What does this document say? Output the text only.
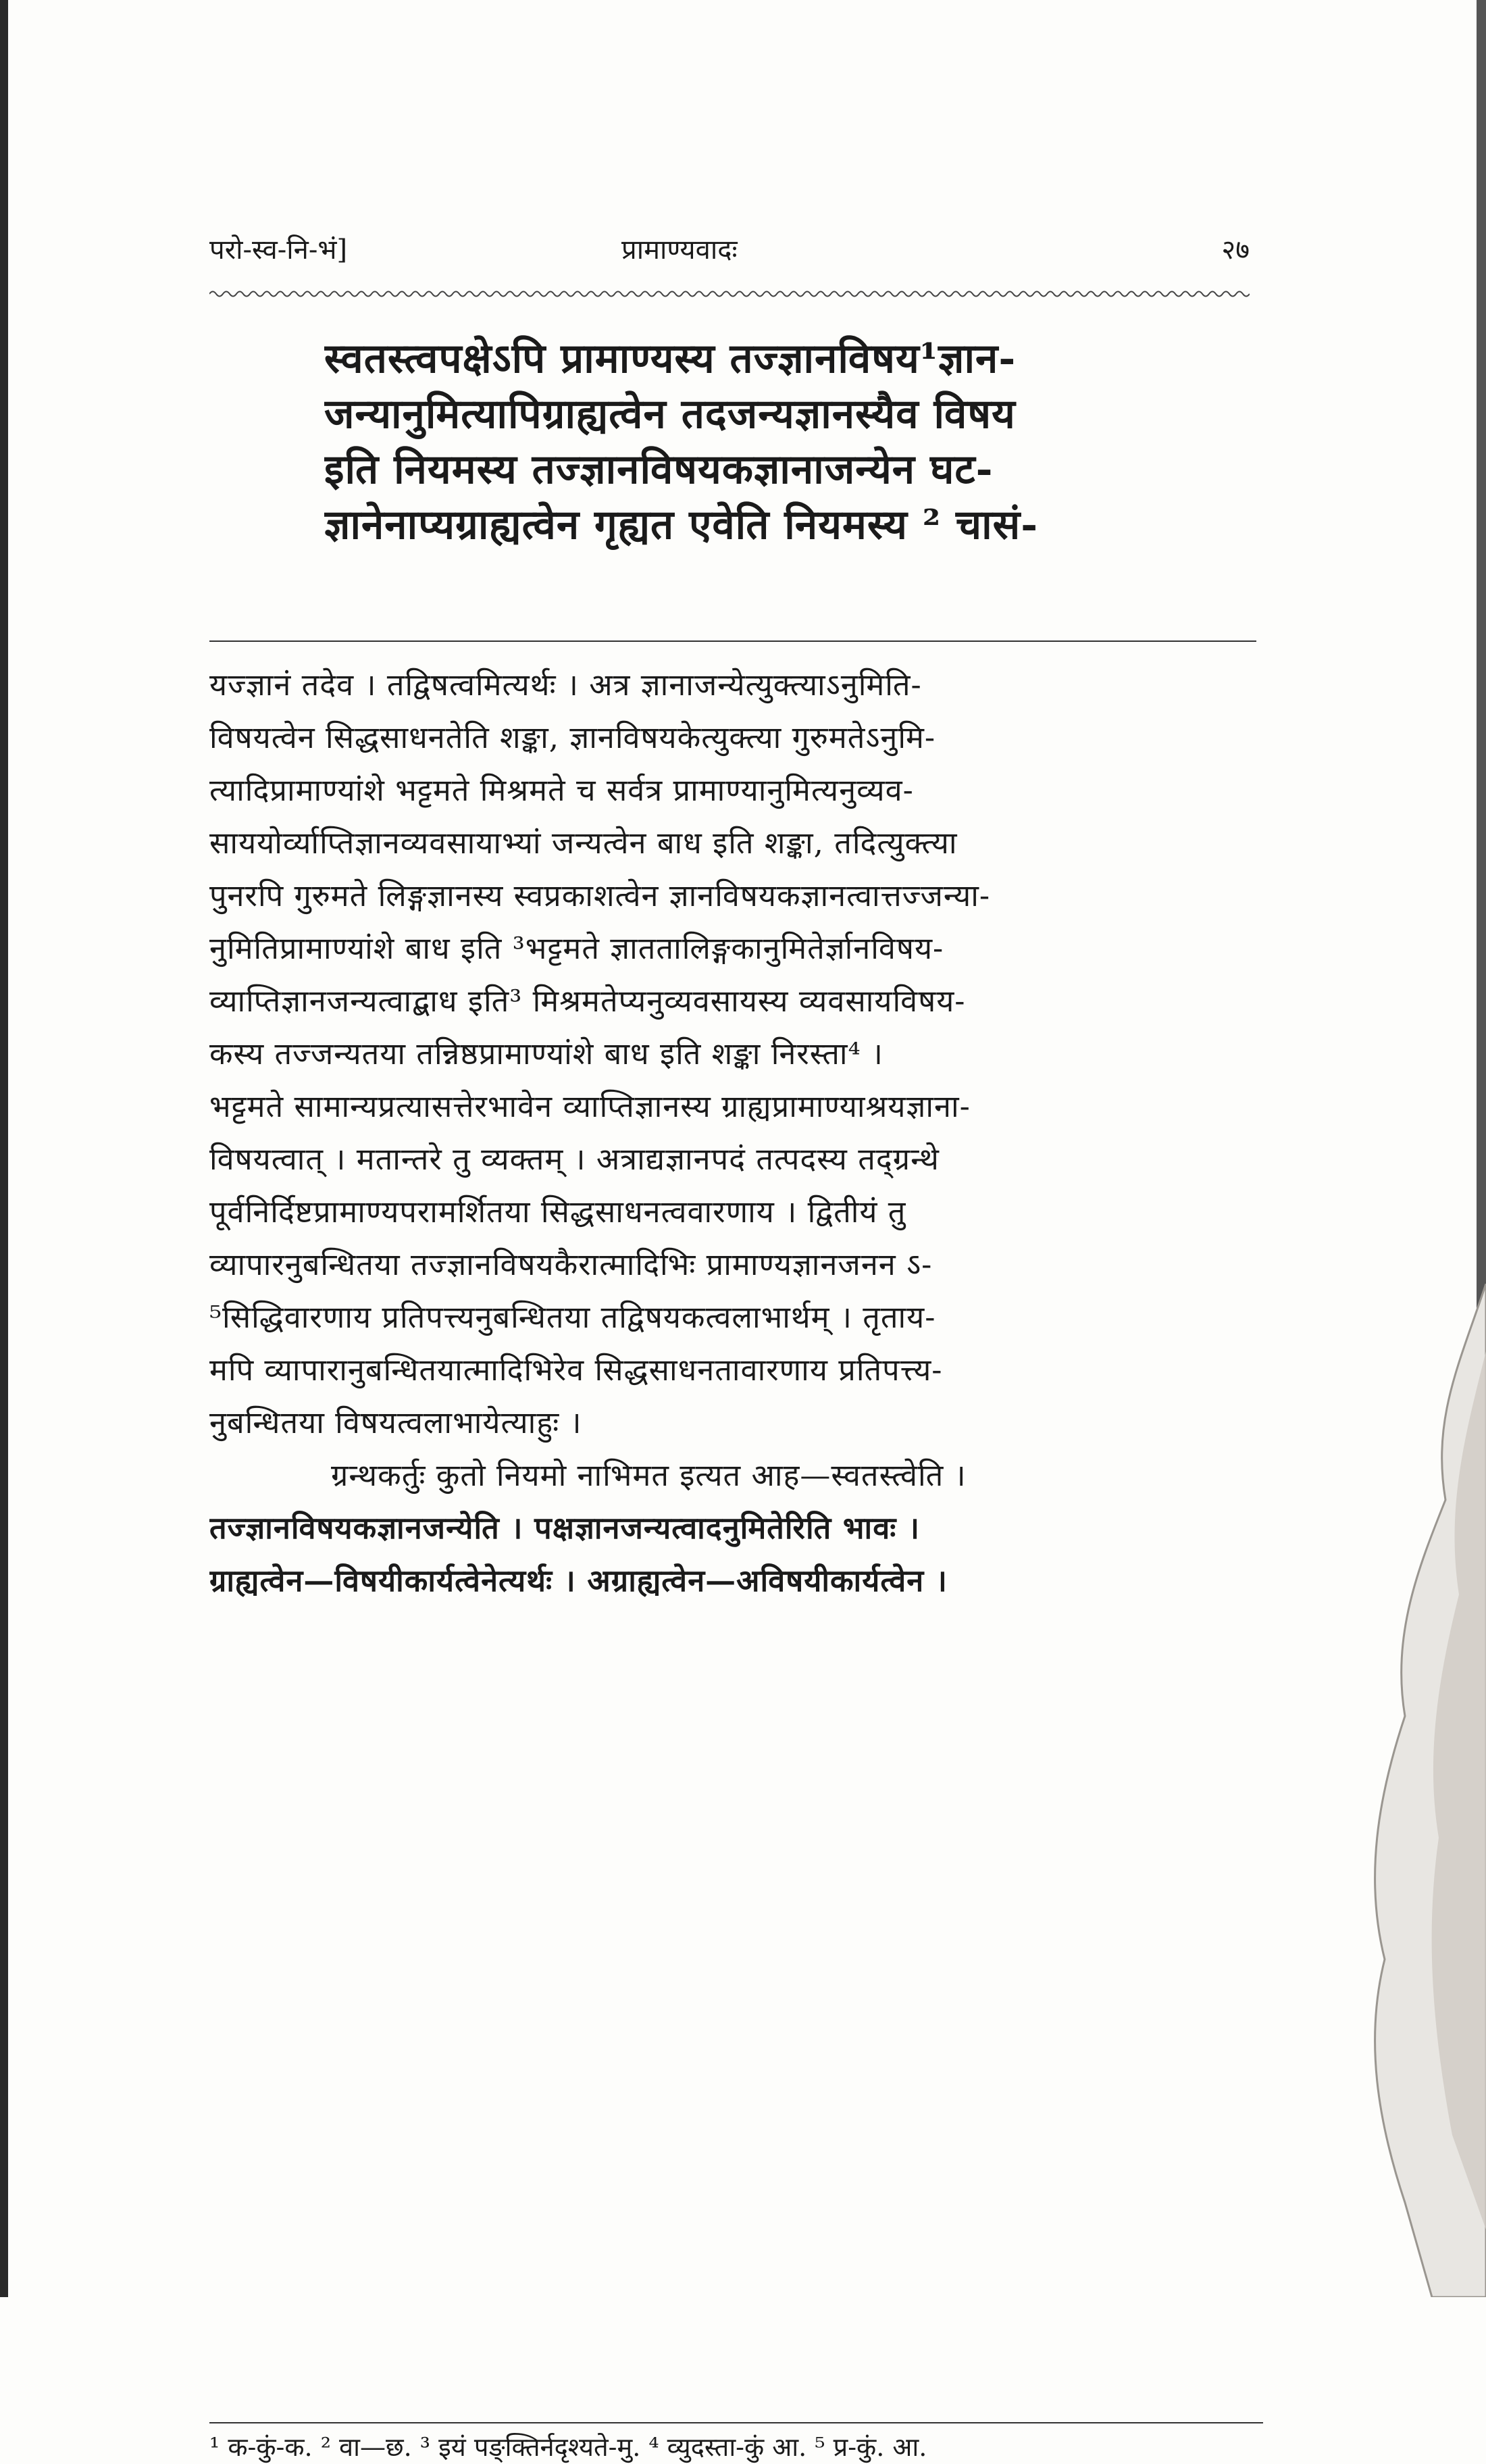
परो-स्व-नि-भं]	प्रामाण्यवादः	२७
स्वतस्त्वपक्षेऽपि प्रामाण्यस्य तज्ज्ञानविषय¹ज्ञान-
जन्यानुमित्यापिग्राह्यत्वेन तदजन्यज्ञानस्यैव विषय
इति नियमस्य तज्ज्ञानविषयकज्ञानाजन्येन घट-
ज्ञानेनाप्यग्राह्यत्वेन गृह्यत एवेति नियमस्य ² चासं-
यज्ज्ञानं तदेव । तद्विषत्वमित्यर्थः । अत्र ज्ञानाजन्येत्युक्त्याऽनुमिति-
विषयत्वेन सिद्धसाधनतेति शङ्का, ज्ञानविषयकेत्युक्त्या गुरुमतेऽनुमि-
त्यादिप्रामाण्यांशे भट्टमते मिश्रमते च सर्वत्र प्रामाण्यानुमित्यनुव्यव-
साययोर्व्याप्तिज्ञानव्यवसायाभ्यां जन्यत्वेन बाध इति शङ्का, तदित्युक्त्या
पुनरपि गुरुमते लिङ्गज्ञानस्य स्वप्रकाशत्वेन ज्ञानविषयकज्ञानत्वात्तज्जन्या-
नुमितिप्रामाण्यांशे बाध इति ³भट्टमते ज्ञाततालिङ्गकानुमितेर्ज्ञानविषय-
व्याप्तिज्ञानजन्यत्वाद्बाध इति³ मिश्रमतेप्यनुव्यवसायस्य व्यवसायविषय-
कस्य तज्जन्यतया तन्निष्ठप्रामाण्यांशे बाध इति शङ्का निरस्ता⁴ ।
भट्टमते सामान्यप्रत्यासत्तेरभावेन व्याप्तिज्ञानस्य ग्राह्यप्रामाण्याश्रयज्ञाना-
विषयत्वात् । मतान्तरे तु व्यक्तम् । अत्राद्यज्ञानपदं तत्पदस्य तद्ग्रन्थे
पूर्वनिर्दिष्टप्रामाण्यपरामर्शितया सिद्धसाधनत्ववारणाय । द्वितीयं तु
व्यापारनुबन्धितया तज्ज्ञानविषयकैरात्मादिभिः प्रामाण्यज्ञानजनन ऽ-
⁵सिद्धिवारणाय प्रतिपत्त्यनुबन्धितया तद्विषयकत्वलाभार्थम् । तृताय-
मपि व्यापारानुबन्धितयात्मादिभिरेव सिद्धसाधनतावारणाय प्रतिपत्त्य-
नुबन्धितया विषयत्वलाभायेत्याहुः ।
ग्रन्थकर्तुः कुतो नियमो नाभिमत इत्यत आह—स्वतस्त्वेति ।
तज्ज्ञानविषयकज्ञानजन्येति । पक्षज्ञानजन्यत्वादनुमितेरिति भावः ।
ग्राह्यत्वेन—विषयीकार्यत्वेनेत्यर्थः । अग्राह्यत्वेन—अविषयीकार्यत्वेन ।
¹ क-कुं-क. ² वा—छ. ³ इयं पङ्क्तिर्नदृश्यते-मु. ⁴ व्युदस्ता-कुं आ. ⁵ प्र-कुं. आ.
